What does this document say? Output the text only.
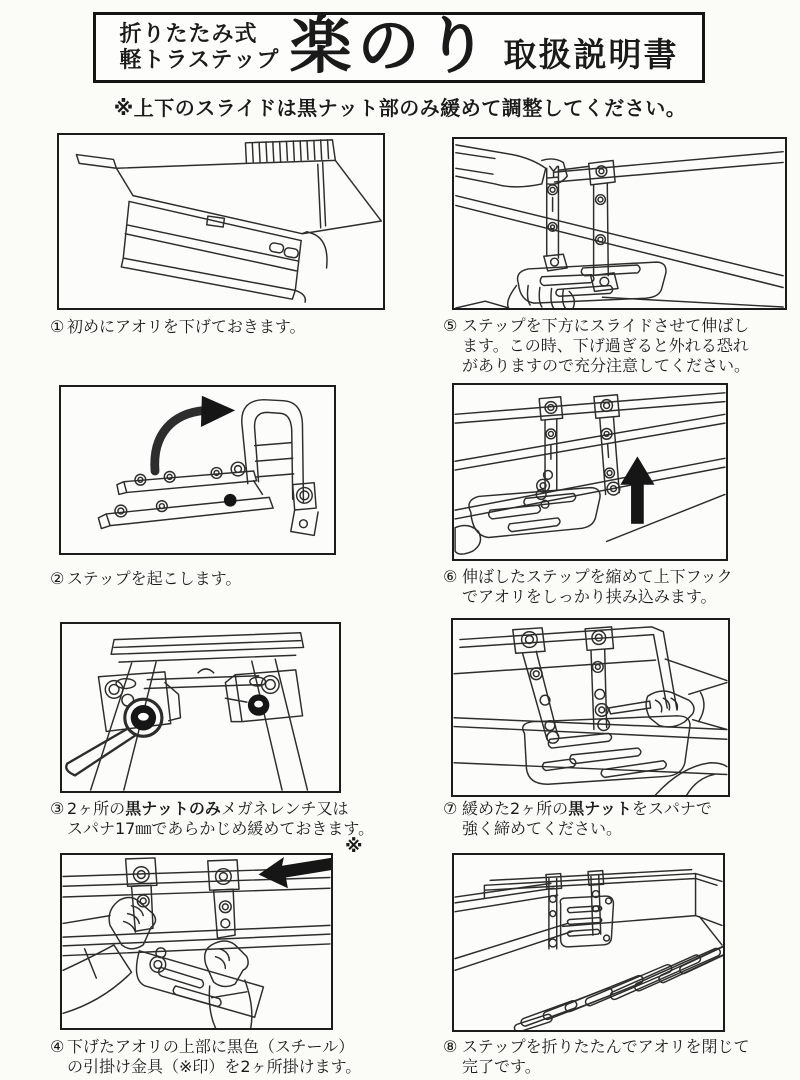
折りたたみ式
軽トラステップ 楽のり 取扱説明書
※上下のスライドは黒ナット部のみ緩めて調整してください。
※
① 初めにアオリを下げておきます。
② ステップを起こします。
③ 2ヶ所の黒ナットのみメガネレンチ又は
スパナ17㎜であらかじめ緩めておきます。
④ 下げたアオリの上部に黒色（スチール）
の引掛け金具（※印）を2ヶ所掛けます。
⑤ ステップを下方にスライドさせて伸ばし
ます。この時、下げ過ぎると外れる恐れ
がありますので充分注意してください。
⑥ 伸ばしたステップを縮めて上下フック
でアオリをしっかり挟み込みます。
⑦ 緩めた2ヶ所の黒ナットをスパナで
強く締めてください。
⑧ ステップを折りたたんでアオリを閉じて
完了です。
